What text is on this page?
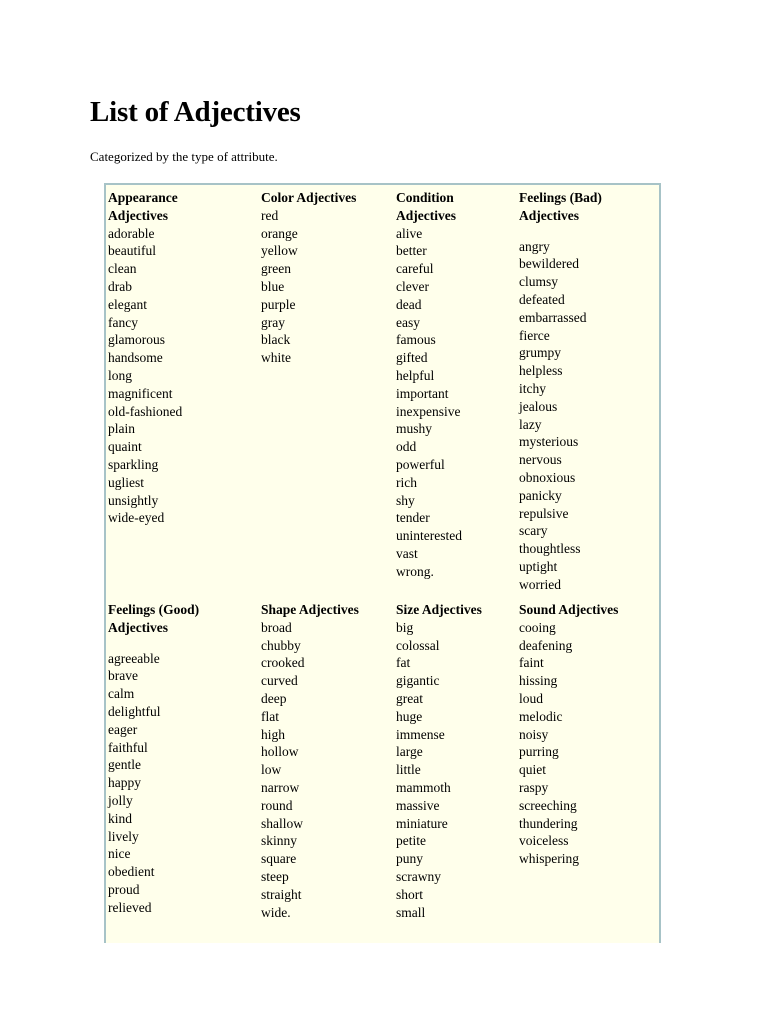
List of Adjectives

Categorized by the type of attribute.

Appearance
Adjectives
adorable
beautiful
clean
drab
elegant
fancy
glamorous
handsome
long
magnificent
old-fashioned
plain
quaint
sparkling
ugliest
unsightly
wide-eyed
Color Adjectives
red
orange
yellow
green
blue
purple
gray
black
white
Condition
Adjectives
alive
better
careful
clever
dead
easy
famous
gifted
helpful
important
inexpensive
mushy
odd
powerful
rich
shy
tender
uninterested
vast
wrong.
Feelings (Bad)
Adjectives
angry
bewildered
clumsy
defeated
embarrassed
fierce
grumpy
helpless
itchy
jealous
lazy
mysterious
nervous
obnoxious
panicky
repulsive
scary
thoughtless
uptight
worried
Feelings (Good)
Adjectives
agreeable
brave
calm
delightful
eager
faithful
gentle
happy
jolly
kind
lively
nice
obedient
proud
relieved
Shape Adjectives
broad
chubby
crooked
curved
deep
flat
high
hollow
low
narrow
round
shallow
skinny
square
steep
straight
wide.
Size Adjectives
big
colossal
fat
gigantic
great
huge
immense
large
little
mammoth
massive
miniature
petite
puny
scrawny
short
small
Sound Adjectives
cooing
deafening
faint
hissing
loud
melodic
noisy
purring
quiet
raspy
screeching
thundering
voiceless
whispering
